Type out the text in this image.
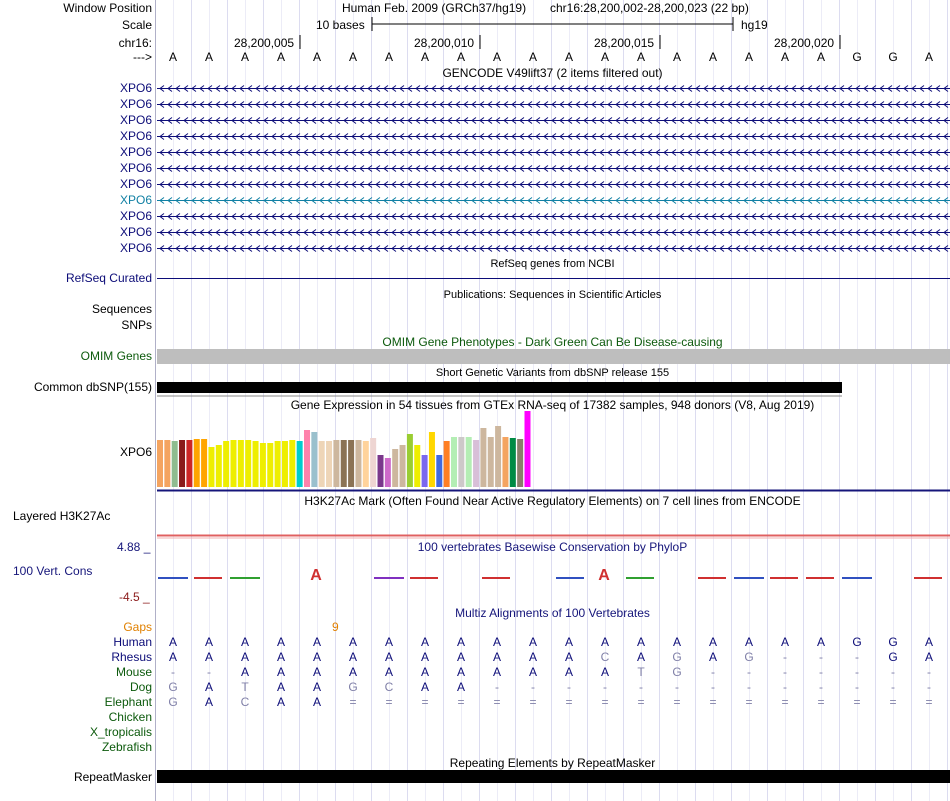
A	A
Window Position	Human Feb. 2009 (GRCh37/hg19) chr16:28,200,002-28,200,023 (22 bp)
Scale	10 bases	hg19
chr16:	28,200,005	28,200,010	28,200,015	28,200,020
--->	A	A	A	A	A	A	A	A	A	A	A	A	A	A	A	A	A	A	A	G	G	A
GENCODE V49lift37 (2 items filtered out)
XPO6
XPO6
XPO6
XPO6
XPO6
XPO6
XPO6
XPO6
XPO6
XPO6
XPO6
RefSeq Curated
RefSeq genes from NCBI
Publications: Sequences in Scientific Articles
Sequences
SNPs
OMIM Gene Phenotypes - Dark Green Can Be Disease-causing
OMIM Genes
Short Genetic Variants from dbSNP release 155
Common dbSNP(155)
Gene Expression in 54 tissues from GTEx RNA-seq of 17382 samples, 948 donors (V8, Aug 2019)
XPO6
H3K27Ac Mark (Often Found Near Active Regulatory Elements) on 7 cell lines from ENCODE
Layered H3K27Ac
100 vertebrates Basewise Conservation by PhyloP
4.88 _
100 Vert. Cons
-4.5 _
Multiz Alignments of 100 Vertebrates
Gaps	9
Human	A	A	A	A	A	A	A	A	A	A	A	A	A	A	A	A	A	A	A	G	G	A
Rhesus	A	A	A	A	A	A	A	A	A	A	A	A	C	A	G	A	G	-	-	-	G	A
Mouse	-	-	A	A	A	A	A	A	A	A	A	A	A	T	G	-	-	-	-	-	-	-
Dog	G	A	T	A	A	G	C	A	A	-	-	-	-	-	-	-	-	-	-	-	-	-
Elephant	G	A	C	A	A	=	=	=	=	=	=	=	=	=	=	=	=	=	=	=	=	=
Chicken
X_tropicalis
Zebrafish
Repeating Elements by RepeatMasker
RepeatMasker
